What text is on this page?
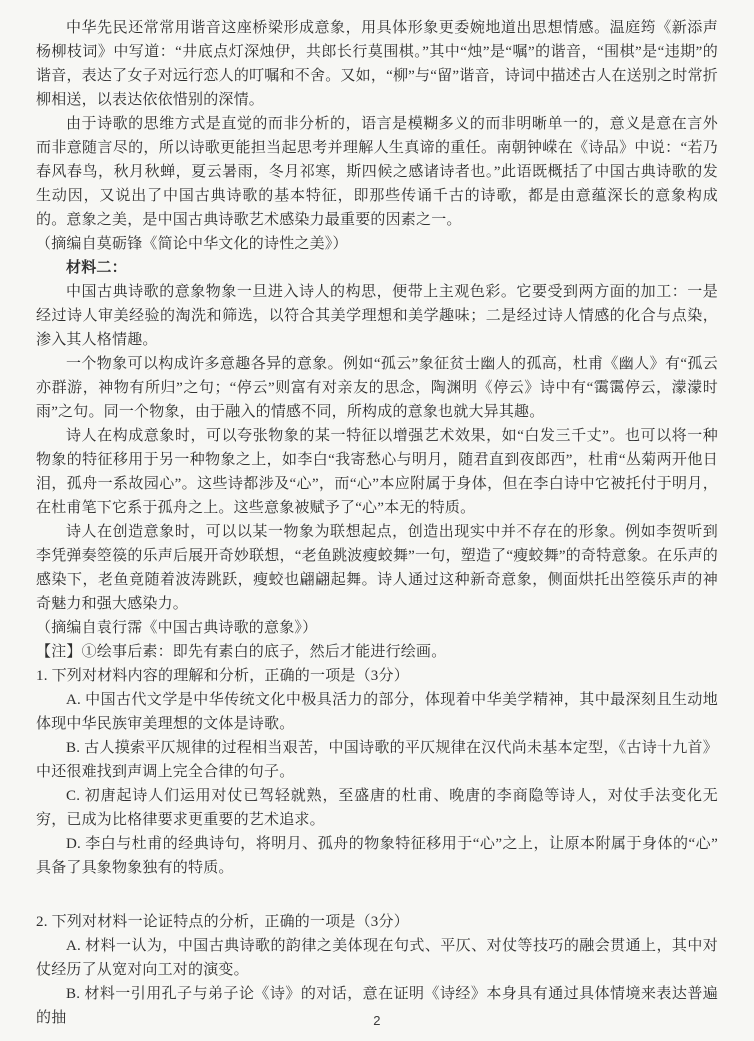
中华先民还常常用谐音这座桥梁形成意象，用具体形象更委婉地道出思想情感。温庭筠《新添声杨柳枝词》中写道：“井底点灯深烛伊，共郎长行莫围棋。”其中“烛”是“嘱”的谐音，“围棋”是“违期”的谐音，表达了女子对远行恋人的叮嘱和不舍。又如，“柳”与“留”谐音，诗词中描述古人在送别之时常折柳相送，以表达依依惜别的深情。

由于诗歌的思维方式是直觉的而非分析的，语言是模糊多义的而非明晰单一的，意义是意在言外而非意随言尽的，所以诗歌更能担当起思考并理解人生真谛的重任。南朝钟嵘在《诗品》中说：“若乃春风春鸟，秋月秋蝉，夏云暑雨，冬月祁寒，斯四候之感诸诗者也。”此语既概括了中国古典诗歌的发生动因，又说出了中国古典诗歌的基本特征，即那些传诵千古的诗歌，都是由意蕴深长的意象构成的。意象之美，是中国古典诗歌艺术感染力最重要的因素之一。

（摘编自莫砺锋《简论中华文化的诗性之美》）

材料二：

中国古典诗歌的意象物象一旦进入诗人的构思，便带上主观色彩。它要受到两方面的加工：一是经过诗人审美经验的淘洗和筛选，以符合其美学理想和美学趣味；二是经过诗人情感的化合与点染，渗入其人格情趣。

一个物象可以构成许多意趣各异的意象。例如“孤云”象征贫士幽人的孤高，杜甫《幽人》有“孤云亦群游，神物有所归”之句；“停云”则富有对亲友的思念，陶渊明《停云》诗中有“霭霭停云，濛濛时雨”之句。同一个物象，由于融入的情感不同，所构成的意象也就大异其趣。

诗人在构成意象时，可以夸张物象的某一特征以增强艺术效果，如“白发三千丈”。也可以将一种物象的特征移用于另一种物象之上，如李白“我寄愁心与明月，随君直到夜郎西”，杜甫“丛菊两开他日泪，孤舟一系故园心”。这些诗都涉及“心”，而“心”本应附属于身体，但在李白诗中它被托付于明月，在杜甫笔下它系于孤舟之上。这些意象被赋予了“心”本无的特质。

诗人在创造意象时，可以以某一物象为联想起点，创造出现实中并不存在的形象。例如李贺听到李凭弹奏箜篌的乐声后展开奇妙联想，“老鱼跳波瘦蛟舞”一句，塑造了“瘦蛟舞”的奇特意象。在乐声的感染下，老鱼竟随着波涛跳跃，瘦蛟也翩翩起舞。诗人通过这种新奇意象，侧面烘托出箜篌乐声的神奇魅力和强大感染力。

（摘编自袁行霈《中国古典诗歌的意象》）

【注】①绘事后素：即先有素白的底子，然后才能进行绘画。

1. 下列对材料内容的理解和分析，正确的一项是（3分）

A. 中国古代文学是中华传统文化中极具活力的部分，体现着中华美学精神，其中最深刻且生动地体现中华民族审美理想的文体是诗歌。

B. 古人摸索平仄规律的过程相当艰苦，中国诗歌的平仄规律在汉代尚未基本定型，《古诗十九首》中还很难找到声调上完全合律的句子。

C. 初唐起诗人们运用对仗已驾轻就熟，至盛唐的杜甫、晚唐的李商隐等诗人，对仗手法变化无穷，已成为比格律要求更重要的艺术追求。

D. 李白与杜甫的经典诗句，将明月、孤舟的物象特征移用于“心”之上，让原本附属于身体的“心”具备了具象物象独有的特质。

2. 下列对材料一论证特点的分析，正确的一项是（3分）

A. 材料一认为，中国古典诗歌的韵律之美体现在句式、平仄、对仗等技巧的融会贯通上，其中对仗经历了从宽对向工对的演变。

B. 材料一引用孔子与弟子论《诗》的对话，意在证明《诗经》本身具有通过具体情境来表达普遍的抽	2
